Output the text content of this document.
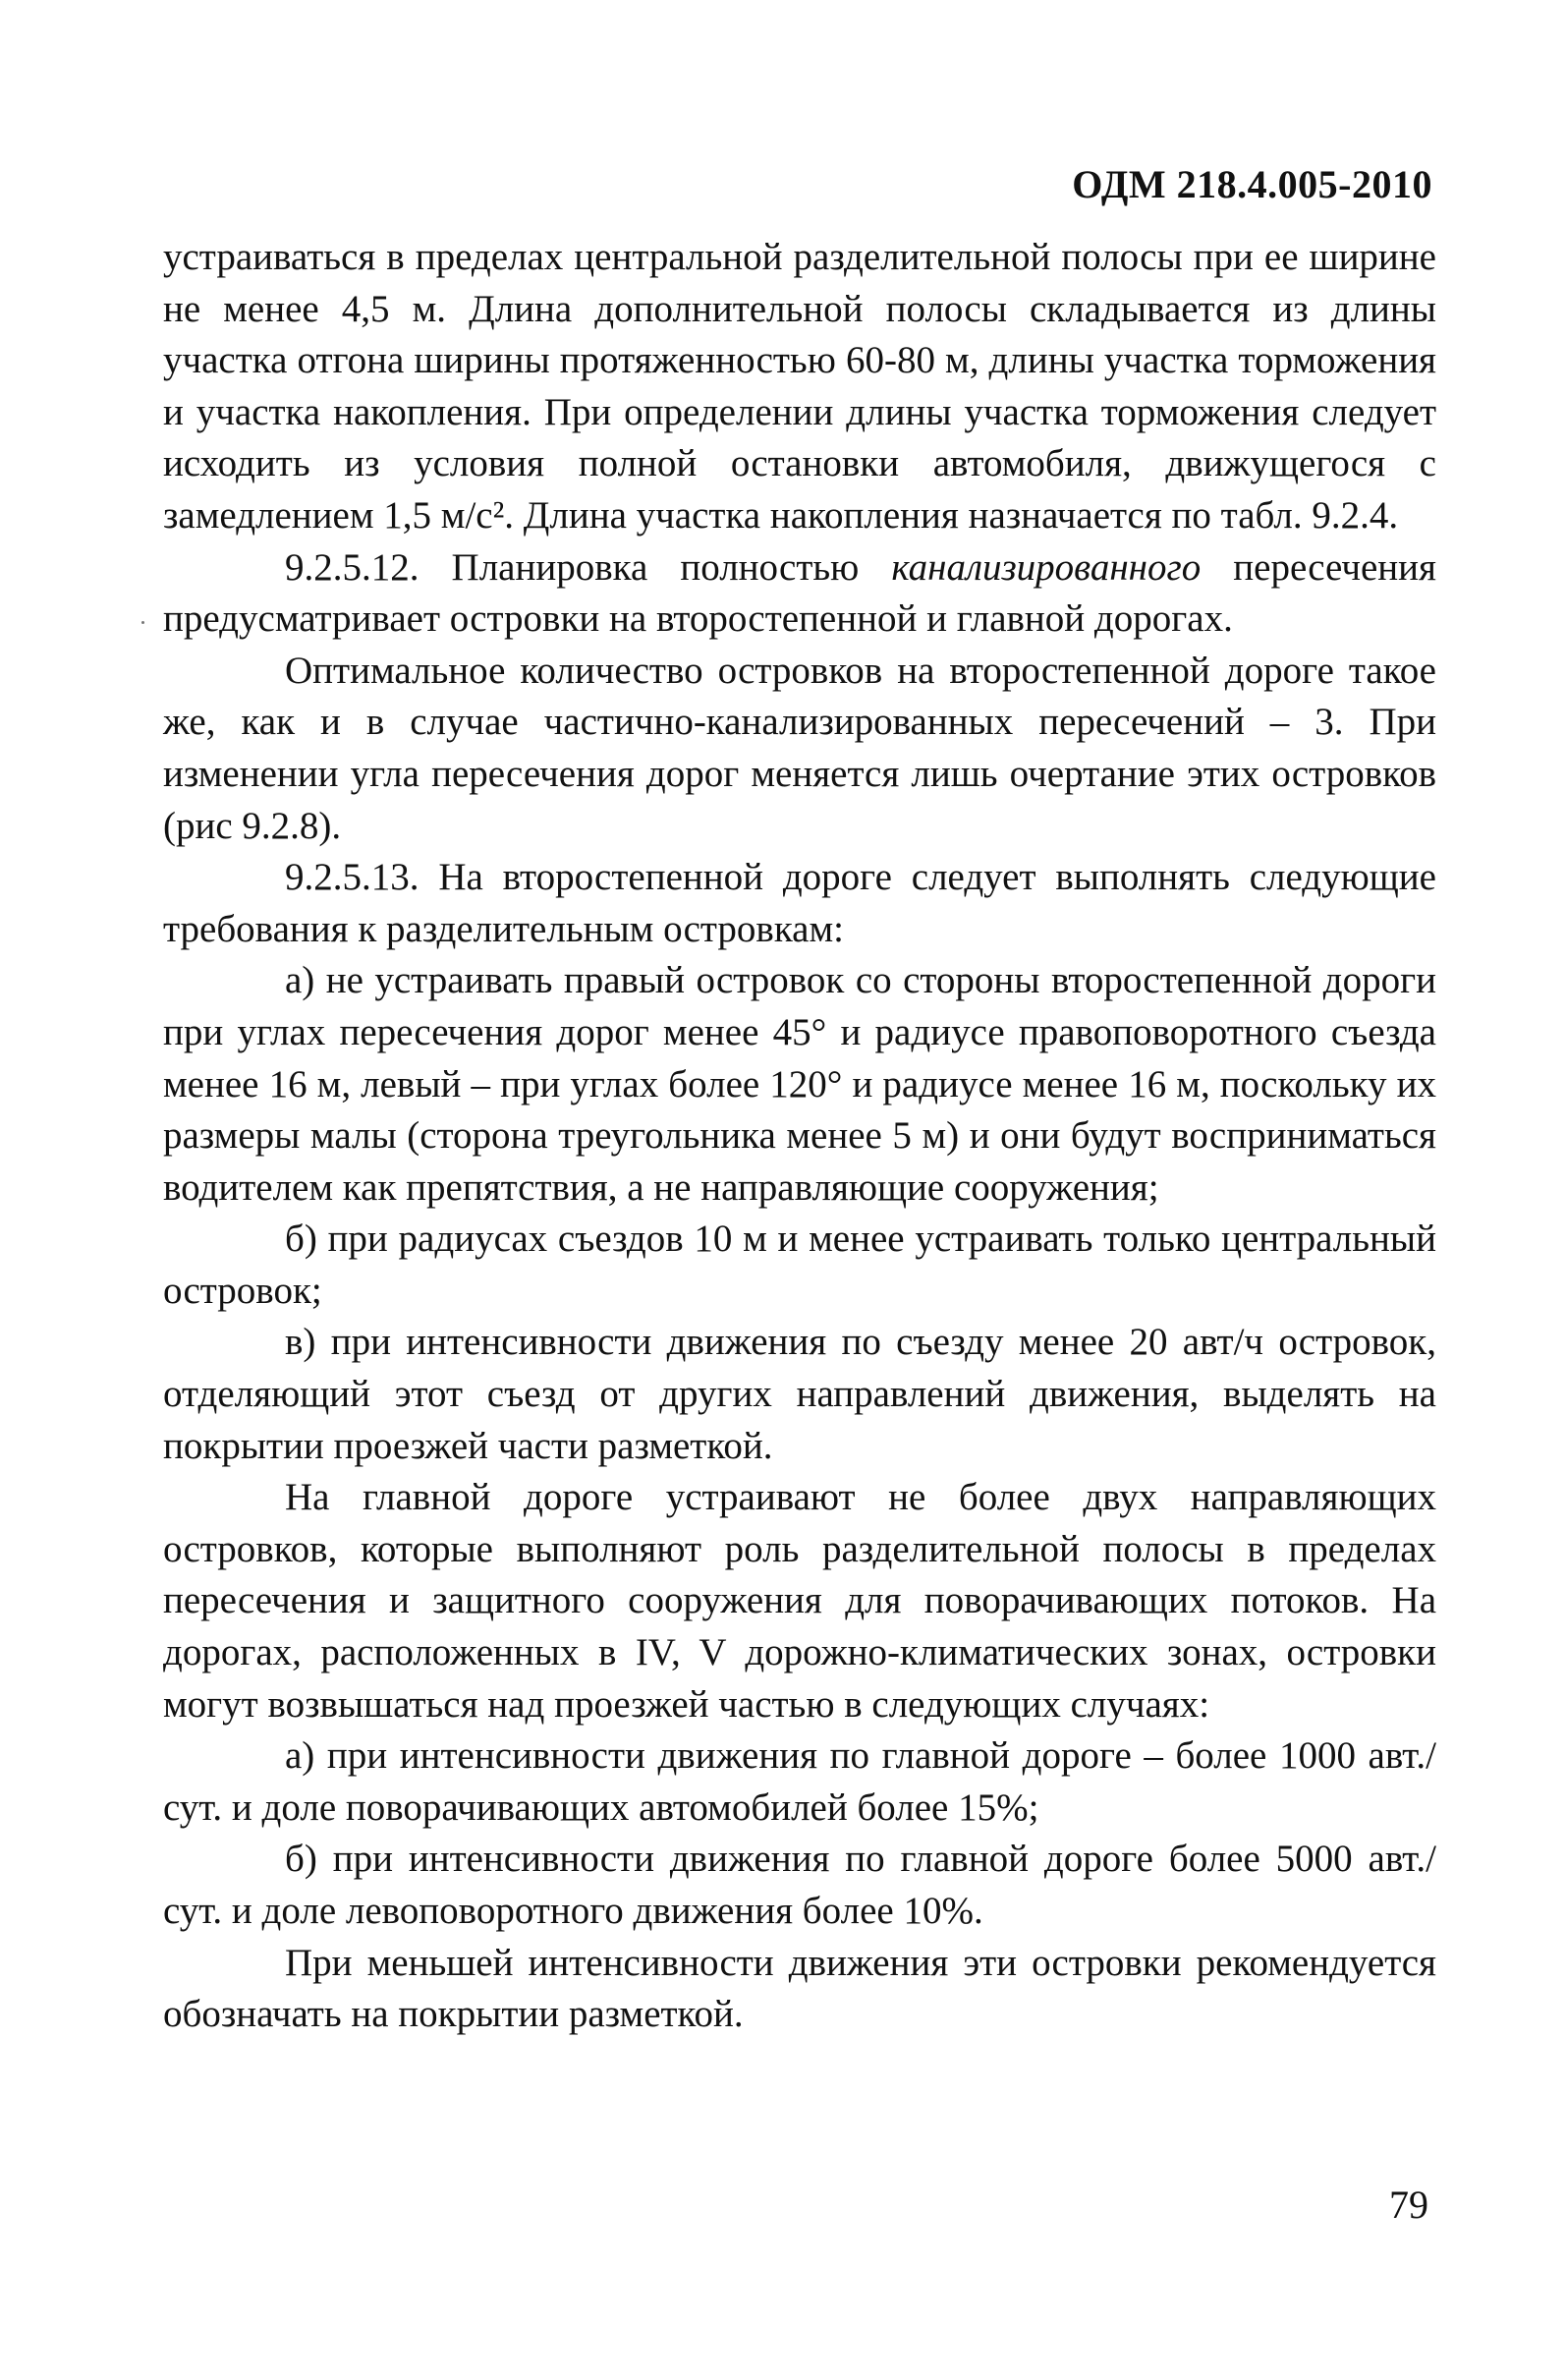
ОДМ 218.4.005-2010

устраиваться в пределах центральной разделительной полосы при ее ширине не менее 4,5 м. Длина дополнительной полосы складывается из длины участка отгона ширины протяженностью 60-80 м, длины участка торможения и участка накопления. При определении длины участка торможения следует исходить из условия полной остановки автомобиля, движущегося с замедлением 1,5 м/с². Длина участка накопления назначается по табл. 9.2.4.

9.2.5.12. Планировка полностью канализированного пересечения предусматривает островки на второстепенной и главной дорогах.

Оптимальное количество островков на второстепенной дороге такое же, как и в случае частично-канализированных пересечений – 3. При изменении угла пересечения дорог меняется лишь очертание этих островков (рис 9.2.8).

9.2.5.13. На второстепенной дороге следует выполнять следующие требования к разделительным островкам:

а) не устраивать правый островок со стороны второстепенной дороги при углах пересечения дорог менее 45° и радиусе правоповоротного съезда менее 16 м, левый – при углах более 120° и радиусе менее 16 м, поскольку их размеры малы (сторона треугольника менее 5 м) и они будут восприниматься водителем как препятствия, а не направляющие сооружения;

б) при радиусах съездов 10 м и менее устраивать только центральный островок;

в) при интенсивности движения по съезду менее 20 авт/ч островок, отделяющий этот съезд от других направлений движения, выделять на покрытии проезжей части разметкой.

На главной дороге устраивают не более двух направляющих островков, которые выполняют роль разделительной полосы в пределах пересечения и защитного сооружения для поворачивающих потоков. На дорогах, расположенных в IV, V дорожно-климатических зонах, островки могут возвышаться над проезжей частью в следующих случаях:

а) при интенсивности движения по главной дороге – более 1000 авт./сут. и доле поворачивающих автомобилей более 15%;

б) при интенсивности движения по главной дороге более 5000 авт./сут. и доле левоповоротного движения более 10%.

При меньшей интенсивности движения эти островки рекомендуется обозначать на покрытии разметкой.

79
